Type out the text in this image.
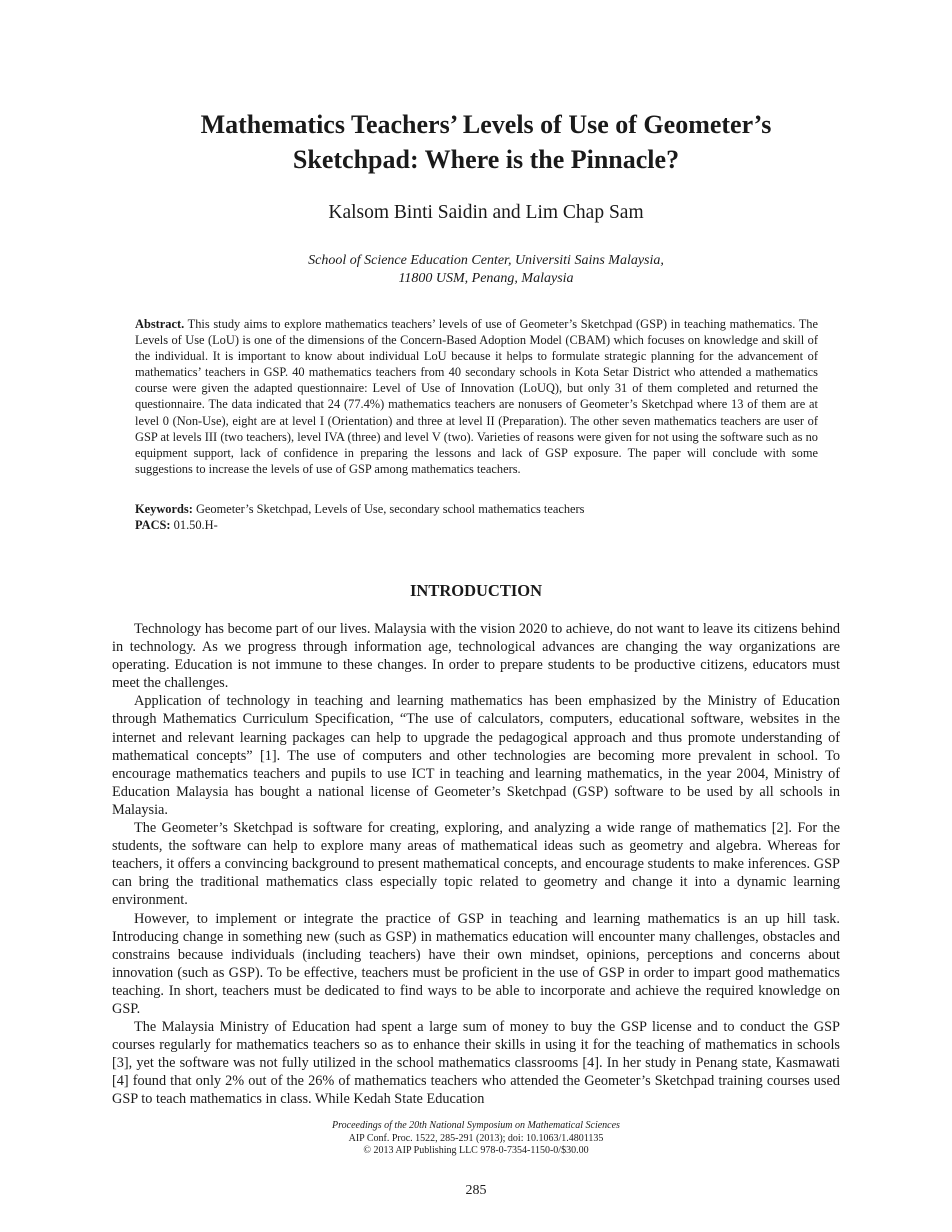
Mathematics Teachers’ Levels of Use of Geometer’s
Sketchpad: Where is the Pinnacle?
Kalsom Binti Saidin and Lim Chap Sam
School of Science Education Center, Universiti Sains Malaysia,
11800 USM, Penang, Malaysia

Abstract. This study aims to explore mathematics teachers’ levels of use of Geometer’s Sketchpad (GSP) in teaching mathematics. The Levels of Use (LoU) is one of the dimensions of the Concern-Based Adoption Model (CBAM) which focuses on knowledge and skill of the individual. It is important to know about individual LoU because it helps to formulate strategic planning for the advancement of mathematics’ teachers in GSP. 40 mathematics teachers from 40 secondary schools in Kota Setar District who attended a mathematics course were given the adapted questionnaire: Level of Use of Innovation (LoUQ), but only 31 of them completed and returned the questionnaire. The data indicated that 24 (77.4%) mathematics teachers are nonusers of Geometer’s Sketchpad where 13 of them are at level 0 (Non-Use), eight are at level I (Orientation) and three at level II (Preparation). The other seven mathematics teachers are user of GSP at levels III (two teachers), level IVA (three) and level V (two). Varieties of reasons were given for not using the software such as no equipment support, lack of confidence in preparing the lessons and lack of GSP exposure. The paper will conclude with some suggestions to increase the levels of use of GSP among mathematics teachers.

Keywords: Geometer’s Sketchpad, Levels of Use, secondary school mathematics teachers
PACS: 01.50.H-
INTRODUCTION

Technology has become part of our lives. Malaysia with the vision 2020 to achieve, do not want to leave its citizens behind in technology. As we progress through information age, technological advances are changing the way organizations are operating. Education is not immune to these changes. In order to prepare students to be productive citizens, educators must meet the challenges.

Application of technology in teaching and learning mathematics has been emphasized by the Ministry of Education through Mathematics Curriculum Specification, “The use of calculators, computers, educational software, websites in the internet and relevant learning packages can help to upgrade the pedagogical approach and thus promote understanding of mathematical concepts” [1]. The use of computers and other technologies are becoming more prevalent in school. To encourage mathematics teachers and pupils to use ICT in teaching and learning mathematics, in the year 2004, Ministry of Education Malaysia has bought a national license of Geometer’s Sketchpad (GSP) software to be used by all schools in Malaysia.

The Geometer’s Sketchpad is software for creating, exploring, and analyzing a wide range of mathematics [2]. For the students, the software can help to explore many areas of mathematical ideas such as geometry and algebra. Whereas for teachers, it offers a convincing background to present mathematical concepts, and encourage students to make inferences. GSP can bring the traditional mathematics class especially topic related to geometry and change it into a dynamic learning environment.

However, to implement or integrate the practice of GSP in teaching and learning mathematics is an up hill task. Introducing change in something new (such as GSP) in mathematics education will encounter many challenges, obstacles and constrains because individuals (including teachers) have their own mindset, opinions, perceptions and concerns about innovation (such as GSP). To be effective, teachers must be proficient in the use of GSP in order to impart good mathematics teaching. In short, teachers must be dedicated to find ways to be able to incorporate and achieve the required knowledge on GSP.

The Malaysia Ministry of Education had spent a large sum of money to buy the GSP license and to conduct the GSP courses regularly for mathematics teachers so as to enhance their skills in using it for the teaching of mathematics in schools [3], yet the software was not fully utilized in the school mathematics classrooms [4]. In her study in Penang state, Kasmawati [4] found that only 2% out of the 26% of mathematics teachers who attended the Geometer’s Sketchpad training courses used GSP to teach mathematics in class. While Kedah State Education

Proceedings of the 20th National Symposium on Mathematical Sciences
AIP Conf. Proc. 1522, 285-291 (2013); doi: 10.1063/1.4801135
© 2013 AIP Publishing LLC 978-0-7354-1150-0/$30.00
285
